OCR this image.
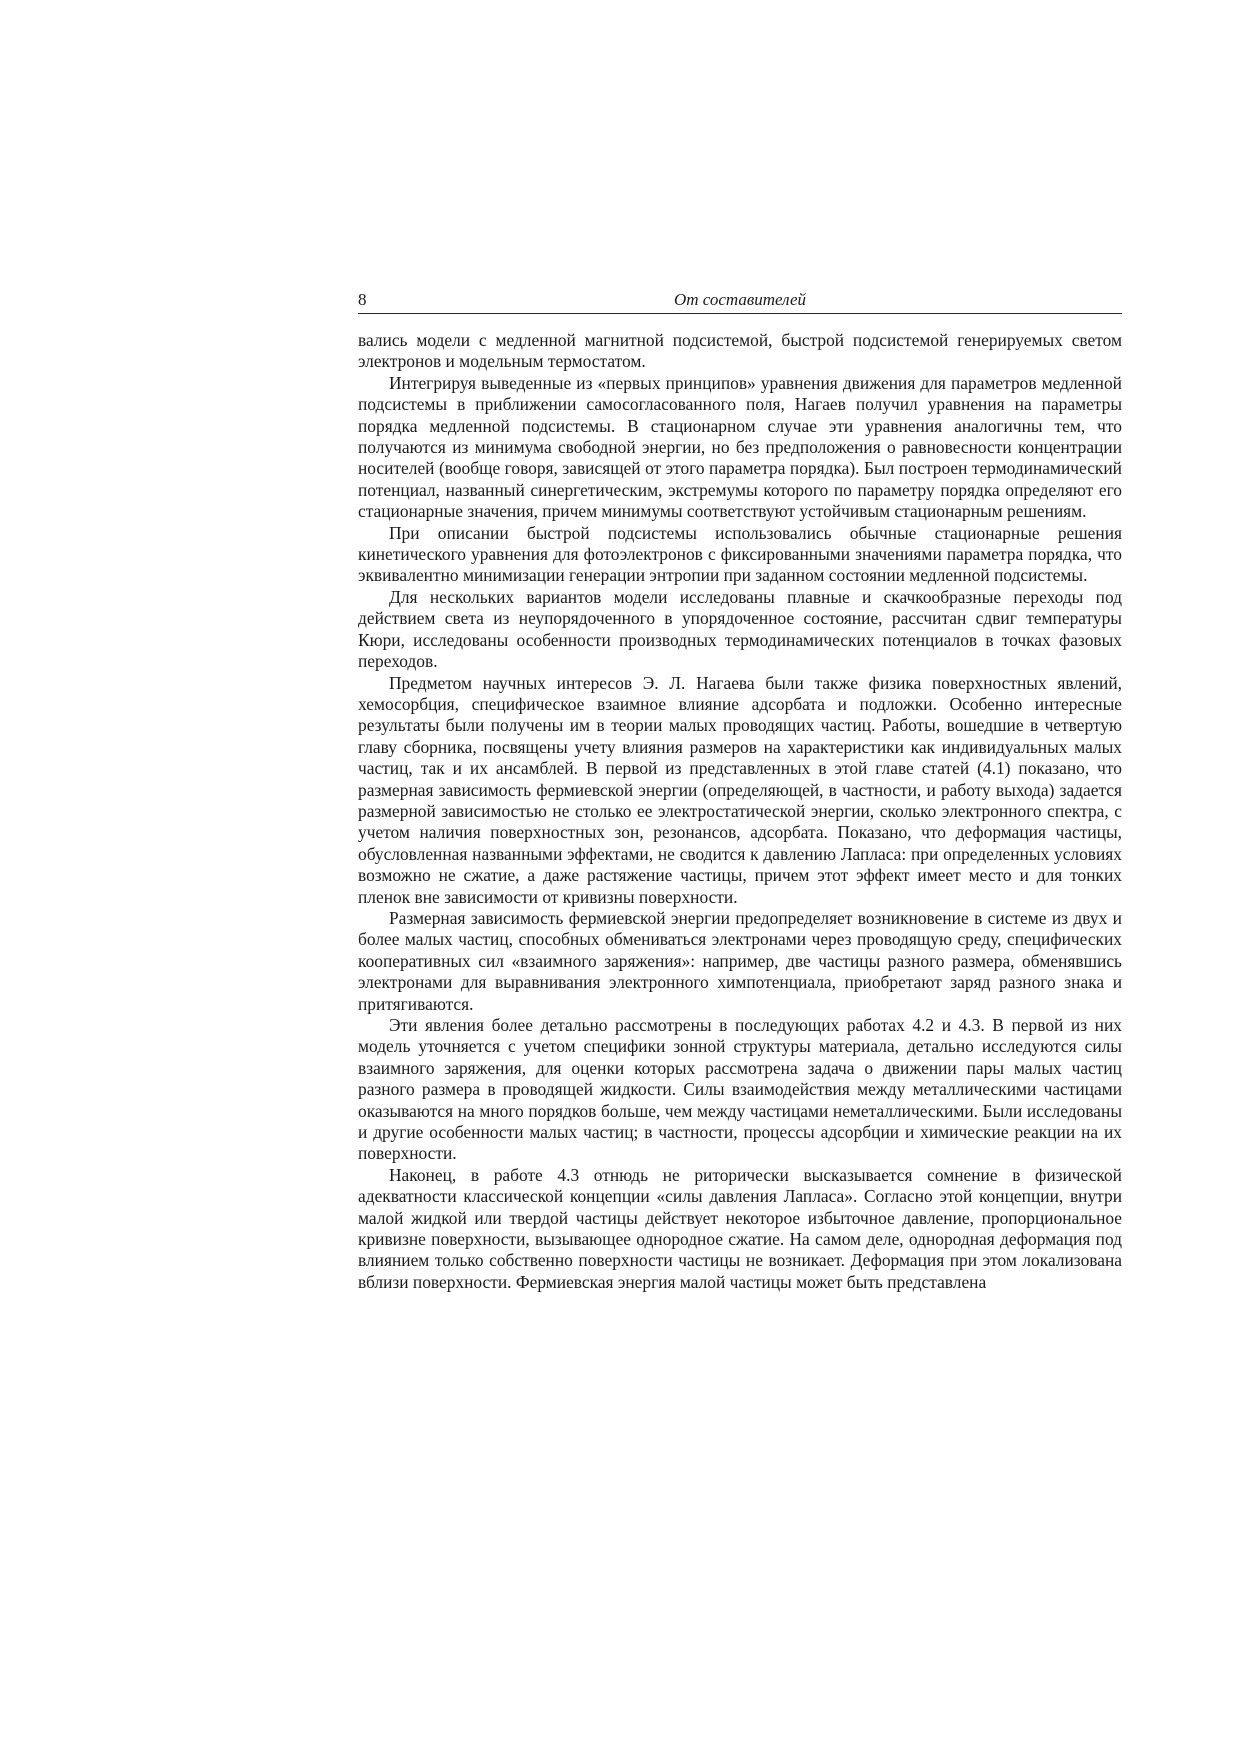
8	От составителей

вались модели с медленной магнитной подсистемой, быстрой подсистемой генерируемых светом электронов и модельным термостатом.

Интегрируя выведенные из «первых принципов» уравнения движения для параметров медленной подсистемы в приближении самосогласованного поля, Нагаев получил уравнения на параметры порядка медленной подсистемы. В стационарном случае эти уравнения аналогичны тем, что получаются из минимума свободной энергии, но без предположения о равновесности концентрации носителей (вообще говоря, зависящей от этого параметра порядка). Был построен термодинамический потенциал, названный синергетическим, экстремумы которого по параметру порядка определяют его стационарные значения, причем минимумы соответствуют устойчивым стационарным решениям.

При описании быстрой подсистемы использовались обычные стационарные решения кинетического уравнения для фотоэлектронов с фиксированными значениями параметра порядка, что эквивалентно минимизации генерации энтропии при заданном состоянии медленной подсистемы.

Для нескольких вариантов модели исследованы плавные и скачкообразные переходы под действием света из неупорядоченного в упорядоченное состояние, рассчитан сдвиг температуры Кюри, исследованы особенности производных термодинамических потенциалов в точках фазовых переходов.

Предметом научных интересов Э. Л. Нагаева были также физика поверхностных явлений, хемосорбция, специфическое взаимное влияние адсорбата и подложки. Особенно интересные результаты были получены им в теории малых проводящих частиц. Работы, вошедшие в четвертую главу сборника, посвящены учету влияния размеров на характеристики как индивидуальных малых частиц, так и их ансамблей. В первой из представленных в этой главе статей (4.1) показано, что размерная зависимость фермиевской энергии (определяющей, в частности, и работу выхода) задается размерной зависимостью не столько ее электростатической энергии, сколько электронного спектра, с учетом наличия поверхностных зон, резонансов, адсорбата. Показано, что деформация частицы, обусловленная названными эффектами, не сводится к давлению Лапласа: при определенных условиях возможно не сжатие, а даже растяжение частицы, причем этот эффект имеет место и для тонких пленок вне зависимости от кривизны поверхности.

Размерная зависимость фермиевской энергии предопределяет возникновение в системе из двух и более малых частиц, способных обмениваться электронами через проводящую среду, специфических кооперативных сил «взаимного заряжения»: например, две частицы разного размера, обменявшись электронами для выравнивания электронного химпотенциала, приобретают заряд разного знака и притягиваются.

Эти явления более детально рассмотрены в последующих работах 4.2 и 4.3. В первой из них модель уточняется с учетом специфики зонной структуры материала, детально исследуются силы взаимного заряжения, для оценки которых рассмотрена задача о движении пары малых частиц разного размера в проводящей жидкости. Силы взаимодействия между металлическими частицами оказываются на много порядков больше, чем между частицами неметаллическими. Были исследованы и другие особенности малых частиц; в частности, процессы адсорбции и химические реакции на их поверхности.

Наконец, в работе 4.3 отнюдь не риторически высказывается сомнение в физической адекватности классической концепции «силы давления Лапласа». Согласно этой концепции, внутри малой жидкой или твердой частицы действует некоторое избыточное давление, пропорциональное кривизне поверхности, вызывающее однородное сжатие. На самом деле, однородная деформация под влиянием только собственно поверхности частицы не возникает. Деформация при этом локализована вблизи поверхности. Фермиевская энергия малой частицы может быть представлена
